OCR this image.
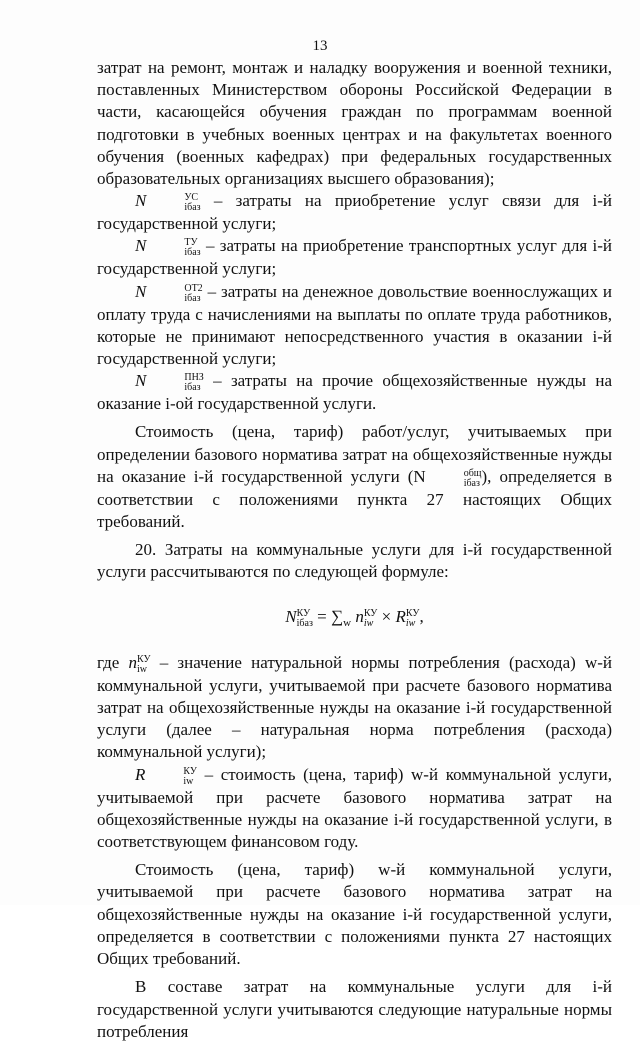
13

затрат на ремонт, монтаж и наладку вооружения и военной техники, поставленных Министерством обороны Российской Федерации в части, касающейся обучения граждан по программам военной подготовки в учебных военных центрах и на факультетах военного обучения (военных кафедрах) при федеральных государственных образовательных организациях высшего образования);

N	УС
iбаз – затраты на приобретение услуг связи для i-й государственной услуги;

N	ТУ
iбаз – затраты на приобретение транспортных услуг для i-й государственной услуги;

N	ОТ2
iбаз – затраты на денежное довольствие военнослужащих и оплату труда с начислениями на выплаты по оплате труда работников, которые не принимают непосредственного участия в оказании i-й государственной услуги;

N	ПНЗ
iбаз – затраты на прочие общехозяйственные нужды на оказание i-ой государственной услуги.

Стоимость (цена, тариф) работ/услуг, учитываемых при определении базового норматива затрат на общехозяйственные нужды на оказание i-й государственной услуги (N	общ
iбаз ), определяется в соответствии с положениями пункта 27 настоящих Общих требований.

20. Затраты на коммунальные услуги для i-й государственной услуги рассчитываются по следующей формуле:

N КУ
iбаз = $\sum_w$ n КУ
iw × R КУ
iw ,

где n КУ
iw – значение натуральной нормы потребления (расхода) w-й коммунальной услуги, учитываемой при расчете базового норматива затрат на общехозяйственные нужды на оказание i-й государственной услуги (далее – натуральная норма потребления (расхода) коммунальной услуги);

R	КУ
iw – стоимость (цена, тариф) w-й коммунальной услуги, учитываемой при расчете базового норматива затрат на общехозяйственные нужды на оказание i-й государственной услуги, в соответствующем финансовом году.

Стоимость (цена, тариф) w-й коммунальной услуги, учитываемой при расчете базового норматива затрат на общехозяйственные нужды на оказание i-й государственной услуги, определяется в соответствии с положениями пункта 27 настоящих Общих требований.

В составе затрат на коммунальные услуги для i-й государственной услуги учитываются следующие натуральные нормы потребления
